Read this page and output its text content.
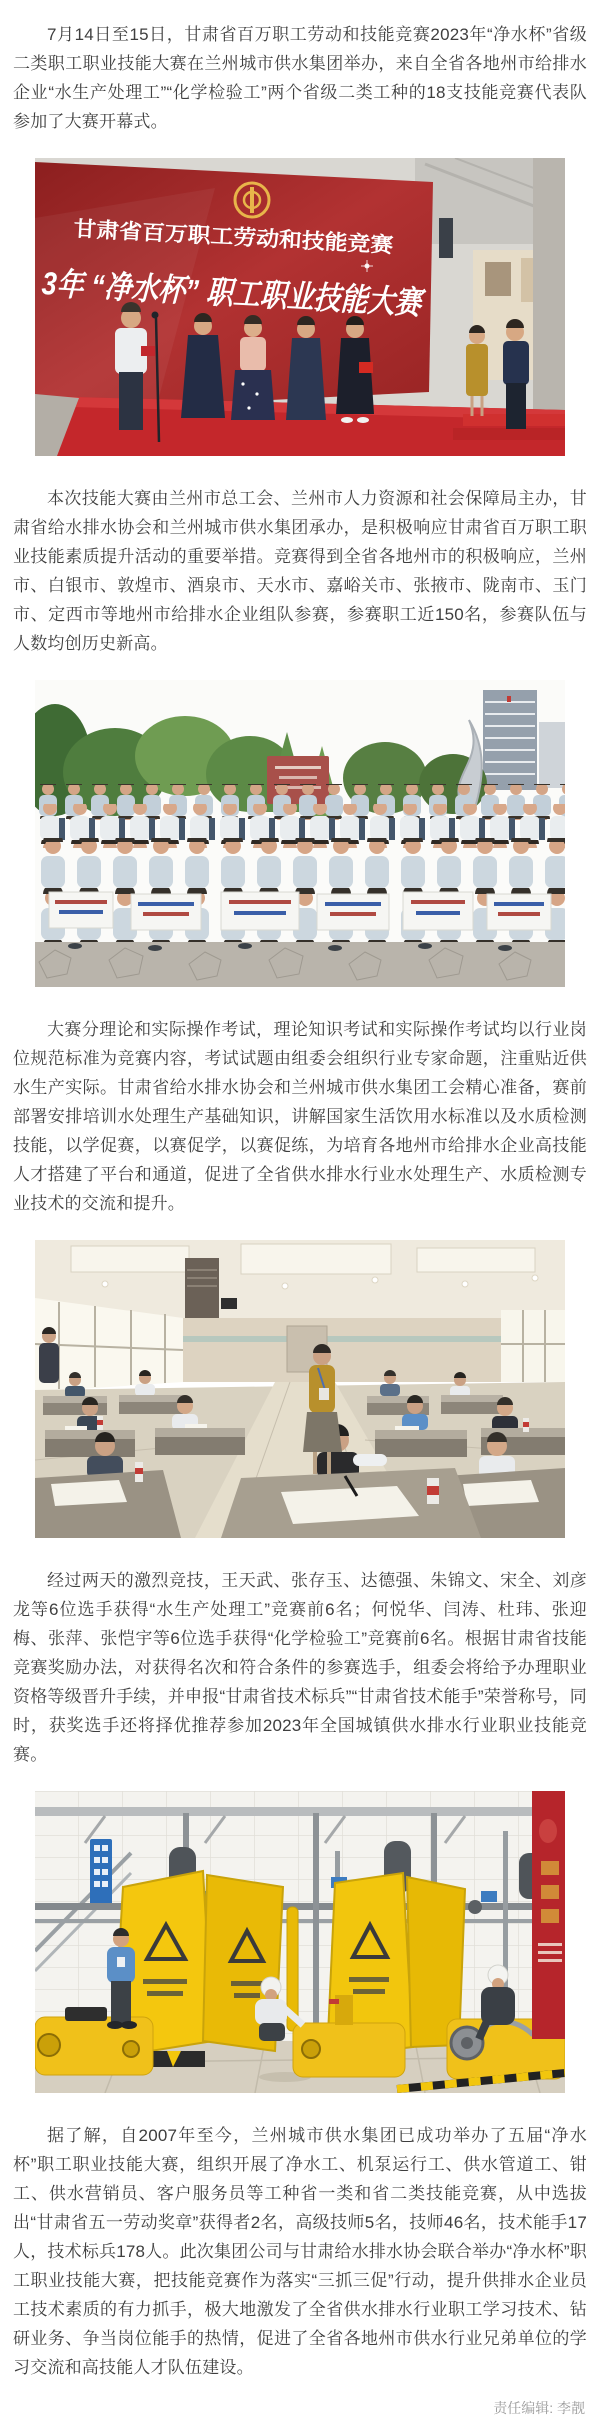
7月14日至15日，甘肃省百万职工劳动和技能竞赛2023年“净水杯”省级二类职工职业技能大赛在兰州城市供水集团举办，来自全省各地州市给排水企业“水生产处理工”“化学检验工”两个省级二类工种的18支技能竞赛代表队参加了大赛开幕式。

甘肃省百万职工劳动和技能竞赛
3年 “净水杯” 职工职业技能大赛

本次技能大赛由兰州市总工会、兰州市人力资源和社会保障局主办，甘肃省给水排水协会和兰州城市供水集团承办，是积极响应甘肃省百万职工职业技能素质提升活动的重要举措。竞赛得到全省各地州市的积极响应，兰州市、白银市、敦煌市、酒泉市、天水市、嘉峪关市、张掖市、陇南市、玉门市、定西市等地州市给排水企业组队参赛，参赛职工近150名，参赛队伍与人数均创历史新高。

大赛分理论和实际操作考试，理论知识考试和实际操作考试均以行业岗位规范标准为竞赛内容，考试试题由组委会组织行业专家命题，注重贴近供水生产实际。甘肃省给水排水协会和兰州城市供水集团工会精心准备，赛前部署安排培训水处理生产基础知识，讲解国家生活饮用水标准以及水质检测技能，以学促赛，以赛促学，以赛促练，为培育各地州市给排水企业高技能人才搭建了平台和通道，促进了全省供水排水行业水处理生产、水质检测专业技术的交流和提升。

经过两天的激烈竞技，王天武、张存玉、达德强、朱锦文、宋全、刘彦龙等6位选手获得“水生产处理工”竞赛前6名；何悦华、闫涛、杜玮、张迎梅、张萍、张恺宇等6位选手获得“化学检验工”竞赛前6名。根据甘肃省技能竞赛奖励办法，对获得名次和符合条件的参赛选手，组委会将给予办理职业资格等级晋升手续，并申报“甘肃省技术标兵”“甘肃省技术能手”荣誉称号，同时，获奖选手还将择优推荐参加2023年全国城镇供水排水行业职业技能竞赛。

据了解，自2007年至今，兰州城市供水集团已成功举办了五届“净水杯”职工职业技能大赛，组织开展了净水工、机泵运行工、供水管道工、钳工、供水营销员、客户服务员等工种省一类和省二类技能竞赛，从中选拔出“甘肃省五一劳动奖章”获得者2名，高级技师5名，技师46名，技术能手17人，技术标兵178人。此次集团公司与甘肃给水排水协会联合举办“净水杯”职工职业技能大赛，把技能竞赛作为落实“三抓三促”行动，提升供排水企业员工技术素质的有力抓手，极大地激发了全省供水排水行业职工学习技术、钻研业务、争当岗位能手的热情，促进了全省各地州市供水行业兄弟单位的学习交流和高技能人才队伍建设。

责任编辑: 李靓
